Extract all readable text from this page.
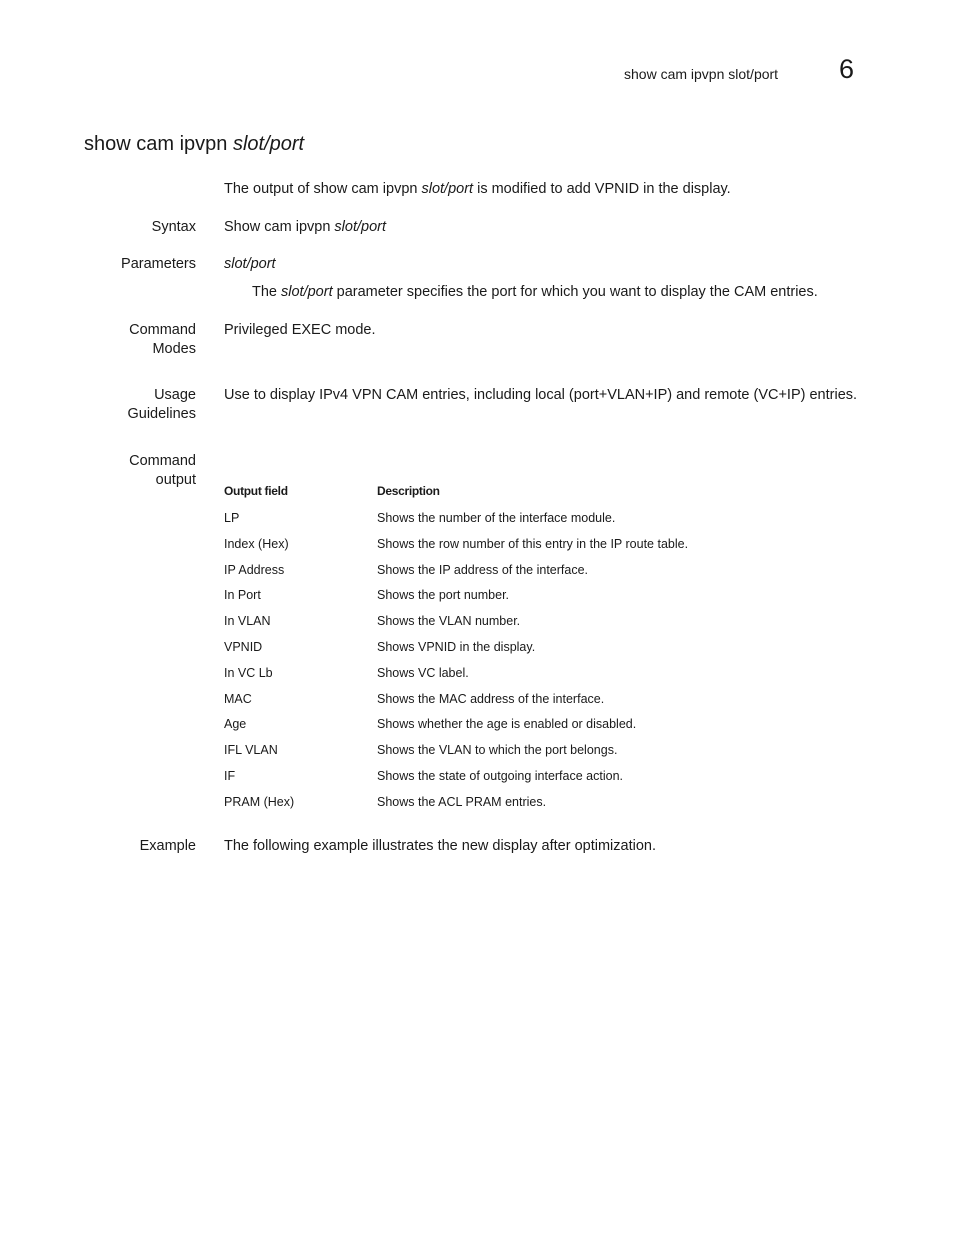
show cam ipvpn slot/port 6
show cam ipvpn slot/port
The output of show cam ipvpn slot/port is modified to add VPNID in the display.
Syntax Show cam ipvpn slot/port
Parameters slot/port
The slot/port parameter specifies the port for which you want to display the CAM entries.
Command
Modes
Privileged EXEC mode.
Usage
Guidelines
Use to display IPv4 VPN CAM entries, including local (port+VLAN+IP) and remote (VC+IP) entries.
Command
output
Output field	Description
LP	Shows the number of the interface module.
Index (Hex)	Shows the row number of this entry in the IP route table.
IP Address	Shows the IP address of the interface.
In Port	Shows the port number.
In VLAN	Shows the VLAN number.
VPNID	Shows VPNID in the display.
In VC Lb	Shows VC label.
MAC	Shows the MAC address of the interface.
Age	Shows whether the age is enabled or disabled.
IFL VLAN	Shows the VLAN to which the port belongs.
IF	Shows the state of outgoing interface action.
PRAM (Hex)	Shows the ACL PRAM entries.
Example The following example illustrates the new display after optimization.
